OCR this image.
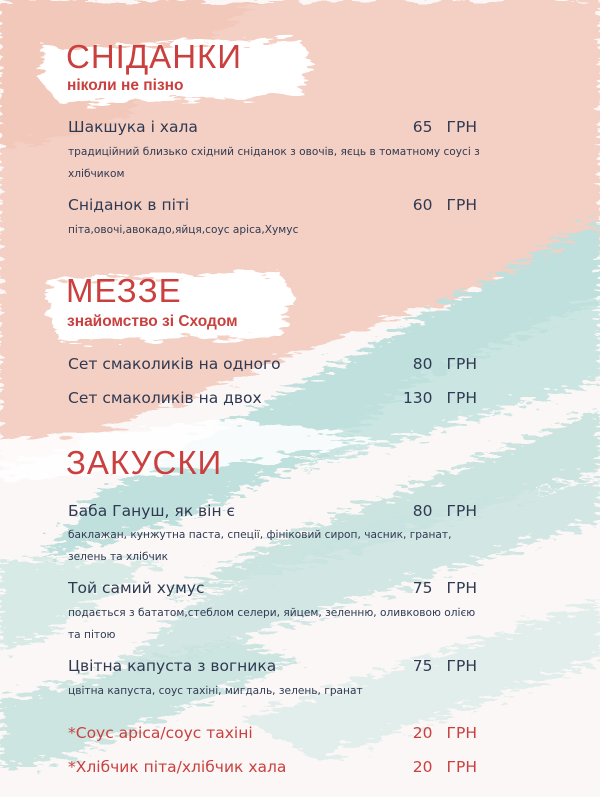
СНІДАНКИ
ніколи не пізно
Шакшука і хала	65 ГРН
традиційний близько східний сніданок з овочів, яєць в томатному соусі з хлібчиком
Сніданок в піті	60 ГРН
піта,овочі,авокадо,яйця,соус аріса,Хумус
МЕЗЗЕ
знайомство зі Сходом
Сет смаколиків на одного	80 ГРН
Сет смаколиків на двох	130 ГРН
ЗАКУСКИ
Баба Гануш, як він є	80 ГРН
баклажан, кунжутна паста, спеції, фініковий сироп, часник, гранат, зелень та хлібчик
Той самий хумус	75 ГРН
подається з бататом,стеблом селери, яйцем, зеленню, оливковою олією та пітою
Цвітна капуста з вогника	75 ГРН
цвітна капуста, соус тахіні, мигдаль, зелень, гранат
*Соус аріса/соус тахіні	20 ГРН
*Хлібчик піта/хлібчик хала	20 ГРН
